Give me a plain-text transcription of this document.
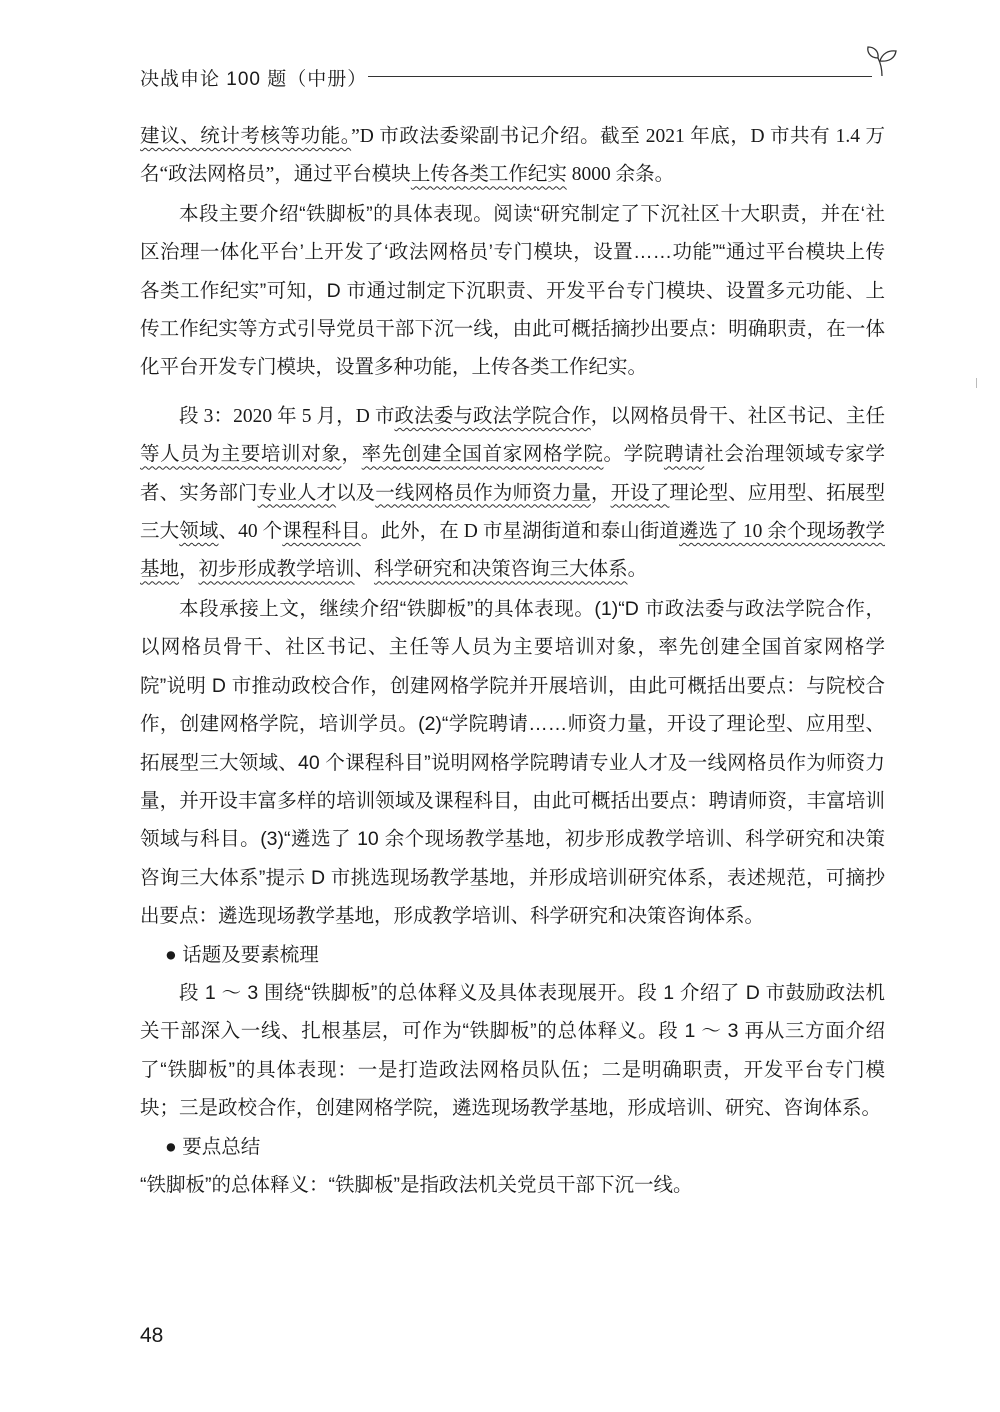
决战申论 100 题（中册）

建议、统计考核等功能。”D 市政法委梁副书记介绍。截至 2021 年底，D 市共有 1.4 万名“政法网格员”，通过平台模块上传各类工作纪实 8000 余条。

本段主要介绍“铁脚板”的具体表现。阅读“研究制定了下沉社区十大职责，并在‘社区治理一体化平台’上开发了‘政法网格员’专门模块，设置……功能”“通过平台模块上传各类工作纪实”可知，D 市通过制定下沉职责、开发平台专门模块、设置多元功能、上传工作纪实等方式引导党员干部下沉一线，由此可概括摘抄出要点：明确职责，在一体化平台开发专门模块，设置多种功能，上传各类工作纪实。

段 3：2020 年 5 月，D 市政法委与政法学院合作，以网格员骨干、社区书记、主任等人员为主要培训对象，率先创建全国首家网格学院。学院聘请社会治理领域专家学者、实务部门专业人才以及一线网格员作为师资力量，开设了理论型、应用型、拓展型三大领域、40 个课程科目。此外，在 D 市星湖街道和泰山街道遴选了 10 余个现场教学基地，初步形成教学培训、科学研究和决策咨询三大体系。

本段承接上文，继续介绍“铁脚板”的具体表现。(1)“D 市政法委与政法学院合作，以网格员骨干、社区书记、主任等人员为主要培训对象，率先创建全国首家网格学院”说明 D 市推动政校合作，创建网格学院并开展培训，由此可概括出要点：与院校合作，创建网格学院，培训学员。(2)“学院聘请……师资力量，开设了理论型、应用型、拓展型三大领域、40 个课程科目”说明网格学院聘请专业人才及一线网格员作为师资力量，并开设丰富多样的培训领域及课程科目，由此可概括出要点：聘请师资，丰富培训领域与科目。(3)“遴选了 10 余个现场教学基地，初步形成教学培训、科学研究和决策咨询三大体系”提示 D 市挑选现场教学基地，并形成培训研究体系，表述规范，可摘抄出要点：遴选现场教学基地，形成教学培训、科学研究和决策咨询体系。

● 话题及要素梳理

段 1 ～ 3 围绕“铁脚板”的总体释义及具体表现展开。段 1 介绍了 D 市鼓励政法机关干部深入一线、扎根基层，可作为“铁脚板”的总体释义。段 1 ～ 3 再从三方面介绍了“铁脚板”的具体表现：一是打造政法网格员队伍；二是明确职责，开发平台专门模块；三是政校合作，创建网格学院，遴选现场教学基地，形成培训、研究、咨询体系。

● 要点总结

“铁脚板”的总体释义：“铁脚板”是指政法机关党员干部下沉一线。

48
